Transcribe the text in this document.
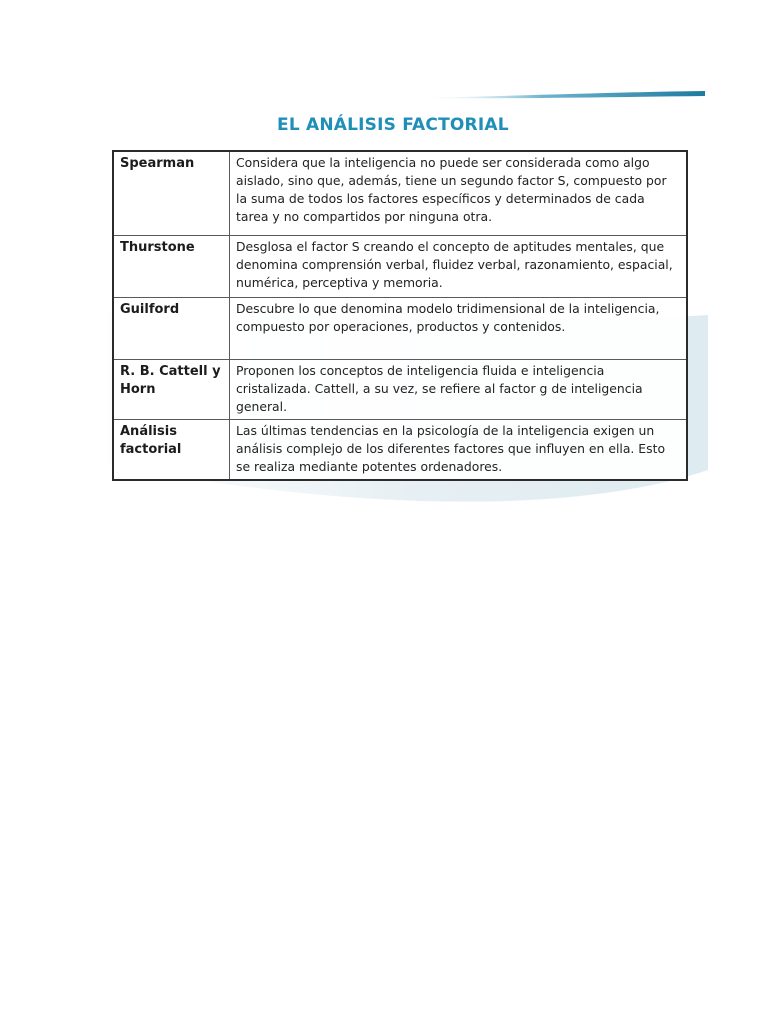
EL ANÁLISIS FACTORIAL
Spearman	Considera que la inteligencia no puede ser considerada como algo aislado, sino que, además, tiene un segundo factor S, compuesto por la suma de todos los factores específicos y determinados de cada tarea y no compartidos por ninguna otra.

Thurstone	Desglosa el factor S creando el concepto de aptitudes mentales, que denomina comprensión verbal, fluidez verbal, razonamiento, espacial, numérica, perceptiva y memoria.

Guilford	Descubre lo que denomina modelo tridimensional de la inteligencia, compuesto por operaciones, productos y contenidos.

R. B. Cattell y Horn	Proponen los conceptos de inteligencia fluida e inteligencia cristalizada. Cattell, a su vez, se refiere al factor g de inteligencia general.

Análisis factorial	Las últimas tendencias en la psicología de la inteligencia exigen un análisis complejo de los diferentes factores que influyen en ella. Esto se realiza mediante potentes ordenadores.
